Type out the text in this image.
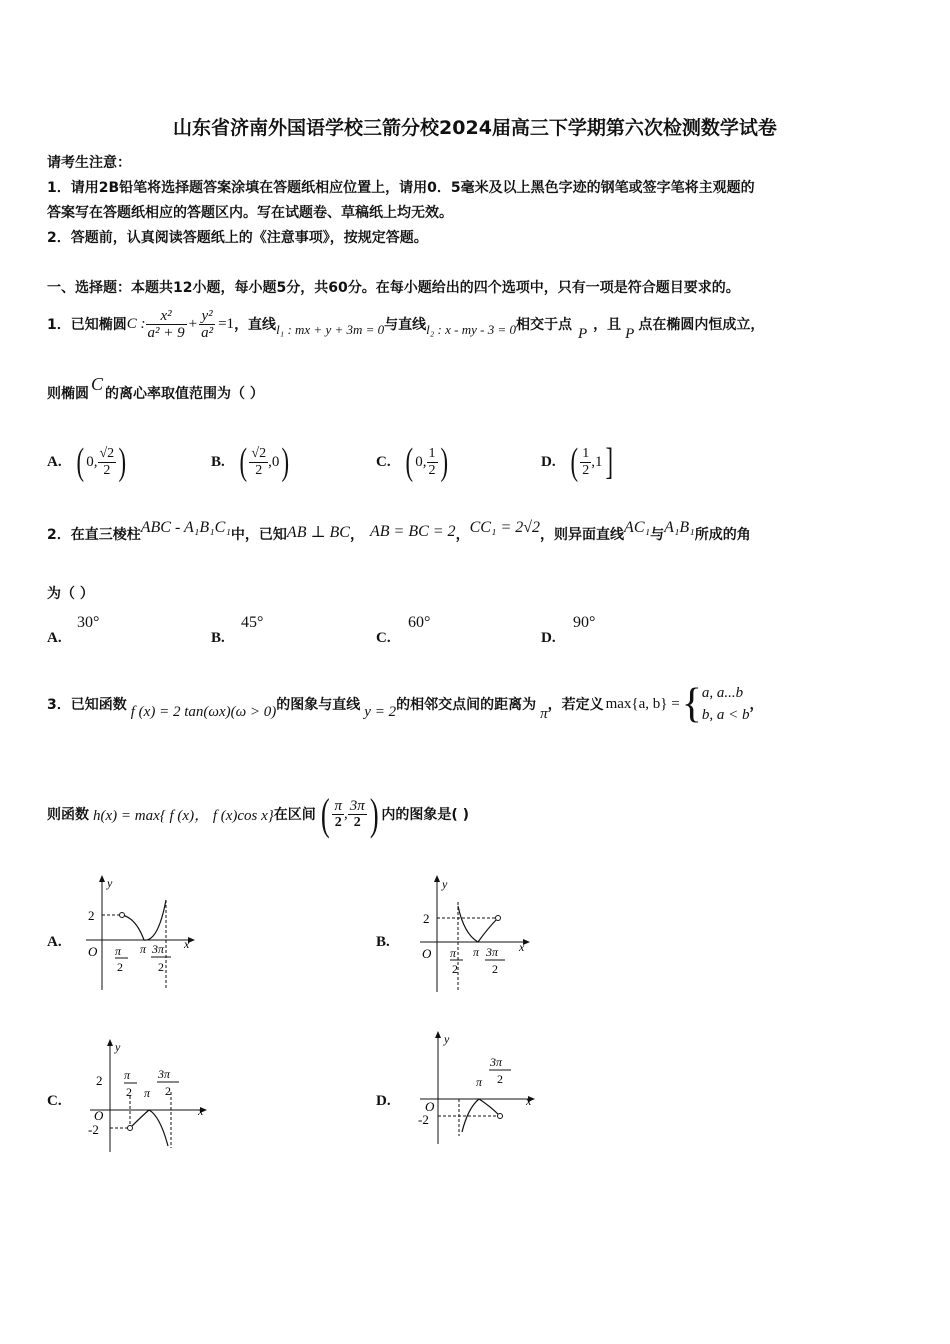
山东省济南外国语学校三箭分校2024届高三下学期第六次检测数学试卷
请考生注意：
1．请用2B铅笔将选择题答案涂填在答题纸相应位置上，请用0．5毫米及以上黑色字迹的钢笔或签字笔将主观题的
答案写在答题纸相应的答题区内。写在试题卷、草稿纸上均无效。
2．答题前，认真阅读答题纸上的《注意事项》，按规定答题。
一、选择题：本题共12小题，每小题5分，共60分。在每小题给出的四个选项中，只有一项是符合题目要求的。
1．已知椭圆 C : $\frac{\text{x²}}{\text{a² + 9}} + \frac{\text{y²}}{\text{a²}} =1$ ，直线 l₁ : mx + y + 3m = 0 与直线 l₂ : x - my - 3 = 0 相交于点
P
，且
P
点在椭圆内恒成立，
则椭圆 C 的离心率取值范围为（ ）
A. ( 0, $\frac{√2}{2}$ )	B. ( $\frac{√2}{2} ,0$ )	C. ( 0, $\frac{1}{2}$ )	D. ( $\frac{1}{2} ,1$ ]
2．在直三棱柱 ABC - A₁B₁C₁ 中，已知 AB ⊥ BC ， AB = BC = 2 ， CC₁ = 2√2 ，则异面直线 AC₁ 与 A₁B₁ 所成的角
为（ ）
A.
30°
B.
45°
C.
60°
D.
90°
3．已知函数 f (x) = 2 tan(ωx)(ω > 0) 的图象与直线 y = 2 的相邻交点间的距离为
π
，若定义 max{a, b} = { a, a...b
b, a < b
，
则函数 h(x) = max{ f (x)， f (x)cos x} 在区间 ( $\frac{\pi}{2}$ , $\frac{3\pi}{2}$ ) 内的图象是( )
A.	B.
C.	D.
y
x
O
2
π
2
π 3π
2
y
x
O
2
π
2
π 3π
2
y
x
O
2
-2
π
2 π
3π
2
y
x
O
-2
π
3π
2
